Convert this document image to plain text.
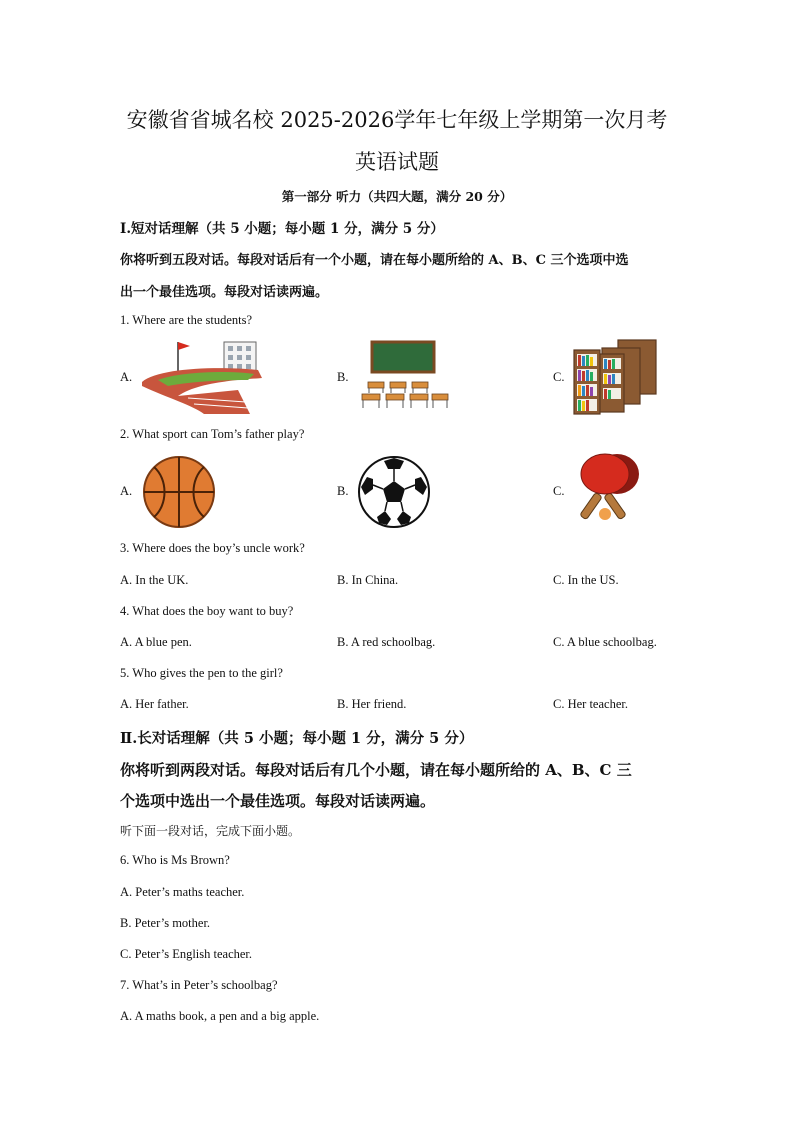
安徽省省城名校 2025-2026学年七年级上学期第一次月考
英语试题
第一部分 听力（共四大题，满分 20 分）
Ⅰ.短对话理解（共 5 小题；每小题 1 分，满分 5 分）
你将听到五段对话。每段对话后有一个小题，请在每小题所给的 A、B、C 三个选项中选
出一个最佳选项。每段对话读两遍。
1. Where are the students?
A.	B.	C.
2. What sport can Tom’s father play?
A.	B.	C.
3. Where does the boy’s uncle work?
A. In the UK.	B. In China.	C. In the US.
4. What does the boy want to buy?
A. A blue pen.	B. A red schoolbag.	C. A blue schoolbag.
5. Who gives the pen to the girl?
A. Her father.	B. Her friend.	C. Her teacher.
Ⅱ.长对话理解（共 5 小题；每小题 1 分，满分 5 分）
你将听到两段对话。每段对话后有几个小题，请在每小题所给的 A、B、C 三
个选项中选出一个最佳选项。每段对话读两遍。
听下面一段对话，完成下面小题。
6. Who is Ms Brown?
A. Peter’s maths teacher.
B. Peter’s mother.
C. Peter’s English teacher.
7. What’s in Peter’s schoolbag?
A. A maths book, a pen and a big apple.
